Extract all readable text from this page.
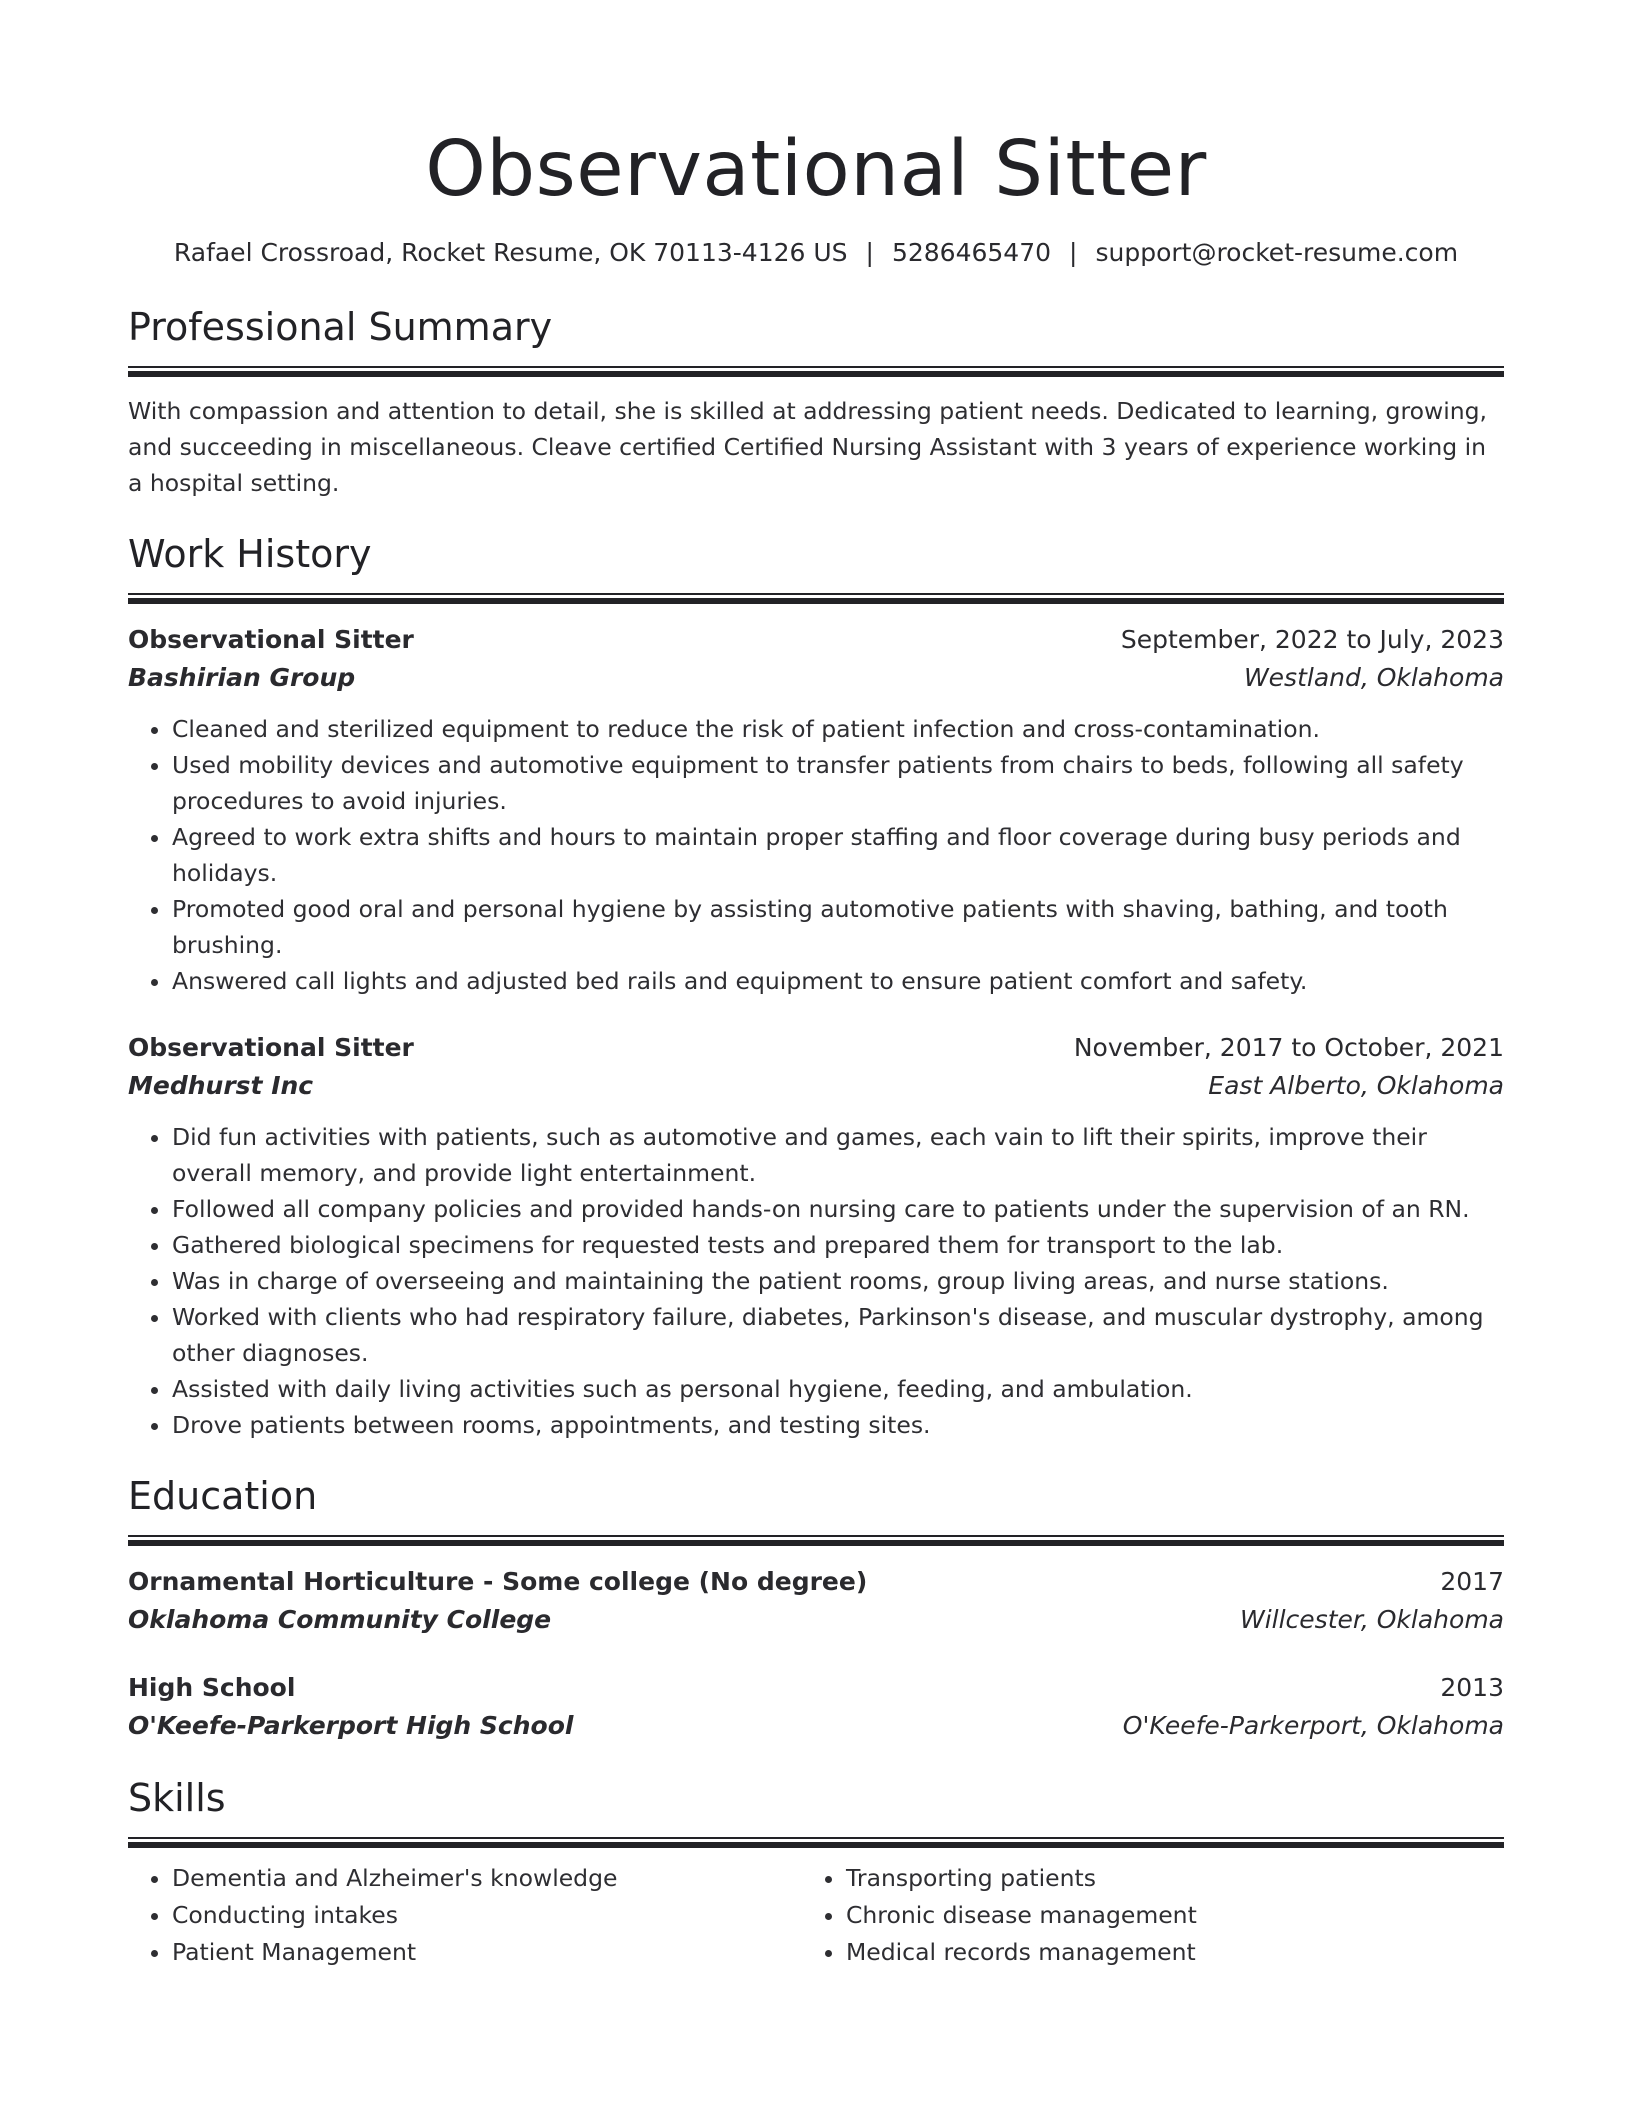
Observational Sitter
Rafael Crossroad, Rocket Resume, OK 70113-4126 US | 5286465470 | support@rocket-resume.com
Professional Summary
With compassion and attention to detail, she is skilled at addressing patient needs. Dedicated to learning, growing, and succeeding in miscellaneous. Cleave certified Certified Nursing Assistant with 3 years of experience working in a hospital setting.
Work History
Observational Sitter	September, 2022 to July, 2023
Bashirian Group	Westland, Oklahoma
• Cleaned and sterilized equipment to reduce the risk of patient infection and cross-contamination.
• Used mobility devices and automotive equipment to transfer patients from chairs to beds, following all safety procedures to avoid injuries.
• Agreed to work extra shifts and hours to maintain proper staffing and floor coverage during busy periods and holidays.
• Promoted good oral and personal hygiene by assisting automotive patients with shaving, bathing, and tooth brushing.
• Answered call lights and adjusted bed rails and equipment to ensure patient comfort and safety.
Observational Sitter	November, 2017 to October, 2021
Medhurst Inc	East Alberto, Oklahoma
• Did fun activities with patients, such as automotive and games, each vain to lift their spirits, improve their overall memory, and provide light entertainment.
• Followed all company policies and provided hands-on nursing care to patients under the supervision of an RN.
• Gathered biological specimens for requested tests and prepared them for transport to the lab.
• Was in charge of overseeing and maintaining the patient rooms, group living areas, and nurse stations.
• Worked with clients who had respiratory failure, diabetes, Parkinson's disease, and muscular dystrophy, among other diagnoses.
• Assisted with daily living activities such as personal hygiene, feeding, and ambulation.
• Drove patients between rooms, appointments, and testing sites.
Education
Ornamental Horticulture - Some college (No degree)	2017
Oklahoma Community College	Willcester, Oklahoma
High School	2013
O'Keefe-Parkerport High School	O'Keefe-Parkerport, Oklahoma
Skills
• Dementia and Alzheimer's knowledge
• Conducting intakes
• Patient Management
• Transporting patients
• Chronic disease management
• Medical records management
